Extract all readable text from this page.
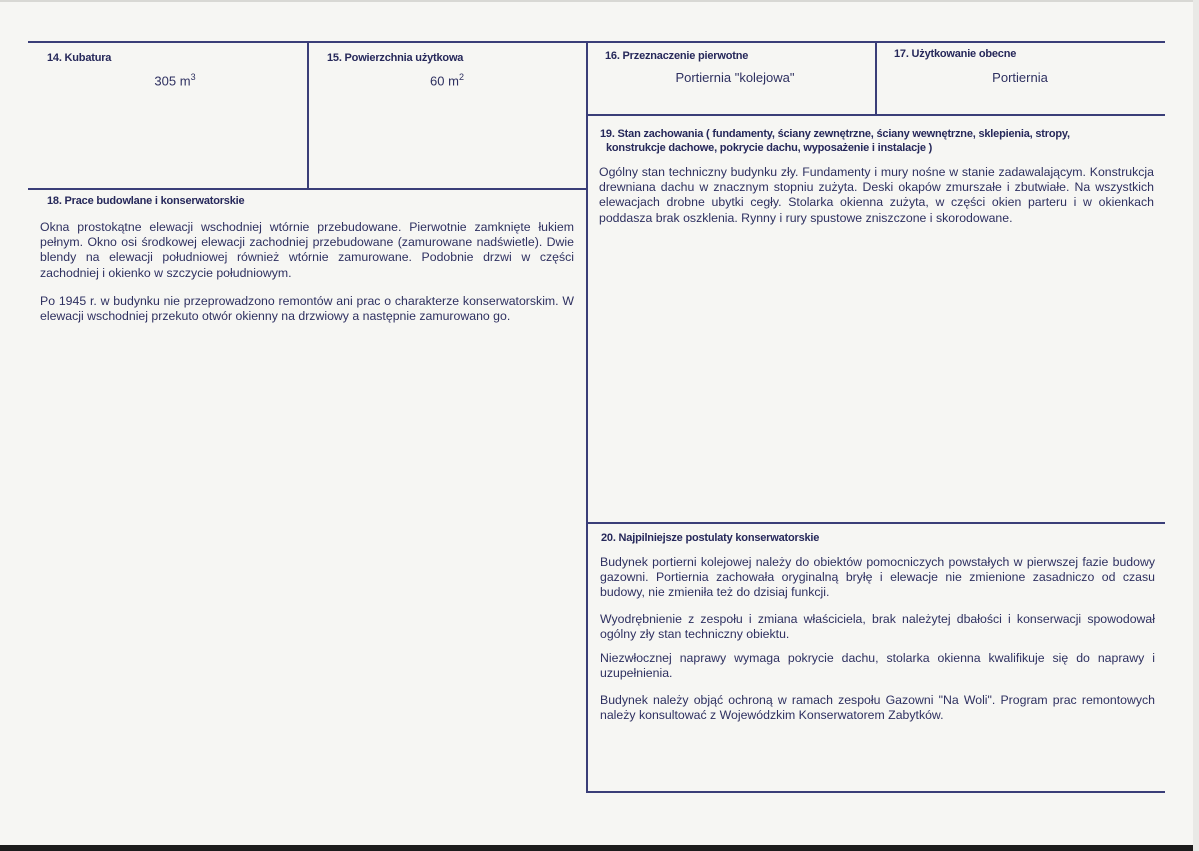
14. Kubatura
305 $m^3$
15. Powierzchnia użytkowa
60 $m^2$
16. Przeznaczenie pierwotne
Portiernia "kolejowa"
17. Użytkowanie obecne
Portiernia
19. Stan zachowania ( fundamenty, ściany zewnętrzne, ściany wewnętrzne, sklepienia, stropy,
konstrukcje dachowe, pokrycie dachu, wyposażenie i instalacje )

Ogólny stan techniczny budynku zły. Fundamenty i mury nośne w stanie zadawalającym. Konstrukcja drewniana dachu w znacznym stopniu zużyta. Deski okapów zmurszałe i zbutwiałe. Na wszystkich elewacjach drobne ubytki cegły. Stolarka okienna zużyta, w części okien parteru i w okienkach poddasza brak oszklenia. Rynny i rury spustowe zniszczone i skorodowane.

18. Prace budowlane i konserwatorskie

Okna prostokątne elewacji wschodniej wtórnie przebudowane. Pierwotnie zamknięte łukiem pełnym. Okno osi środkowej elewacji zachodniej przebudowane (zamurowane nadświetle). Dwie blendy na elewacji południowej również wtórnie zamurowane. Podobnie drzwi w części zachodniej i okienko w szczycie południowym.

Po 1945 r. w budynku nie przeprowadzono remontów ani prac o charakterze konserwatorskim. W elewacji wschodniej przekuto otwór okienny na drzwiowy a następnie zamurowano go.

20. Najpilniejsze postulaty konserwatorskie

Budynek portierni kolejowej należy do obiektów pomocniczych powstałych w pierwszej fazie budowy gazowni. Portiernia zachowała oryginalną bryłę i elewacje nie zmienione zasadniczo od czasu budowy, nie zmieniła też do dzisiaj funkcji.

Wyodrębnienie z zespołu i zmiana właściciela, brak należytej dbałości i konserwacji spowodował ogólny zły stan techniczny obiektu.

Niezwłocznej naprawy wymaga pokrycie dachu, stolarka okienna kwalifikuje się do naprawy i uzupełnienia.

Budynek należy objąć ochroną w ramach zespołu Gazowni "Na Woli". Program prac remontowych należy konsultować z Wojewódzkim Konserwatorem Zabytków.
